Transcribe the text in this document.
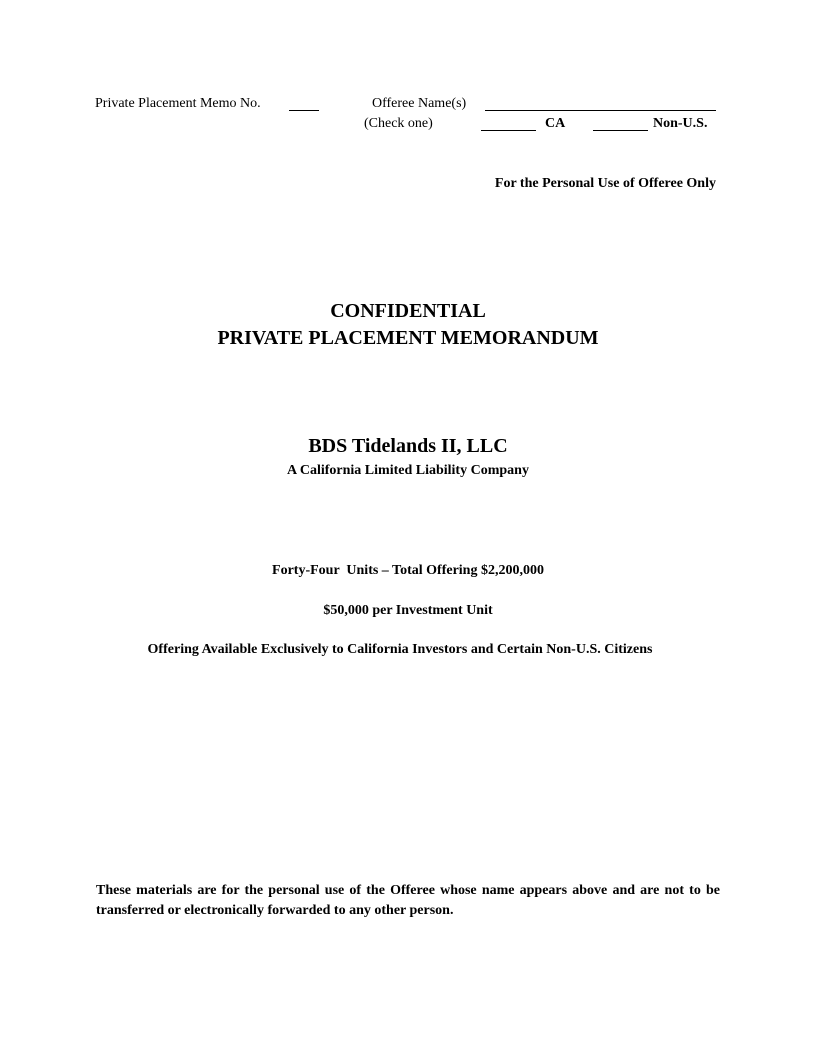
Private Placement Memo No.	Offeree Name(s)
(Check one)	CA	Non-U.S.
For the Personal Use of Offeree Only
CONFIDENTIAL
PRIVATE PLACEMENT MEMORANDUM
BDS Tidelands II, LLC
A California Limited Liability Company
Forty-Four  Units – Total Offering $2,200,000
$50,000 per Investment Unit
Offering Available Exclusively to California Investors and Certain Non-U.S. Citizens
These materials are for the personal use of the Offeree whose name appears above and are not to be transferred or electronically forwarded to any other person.
